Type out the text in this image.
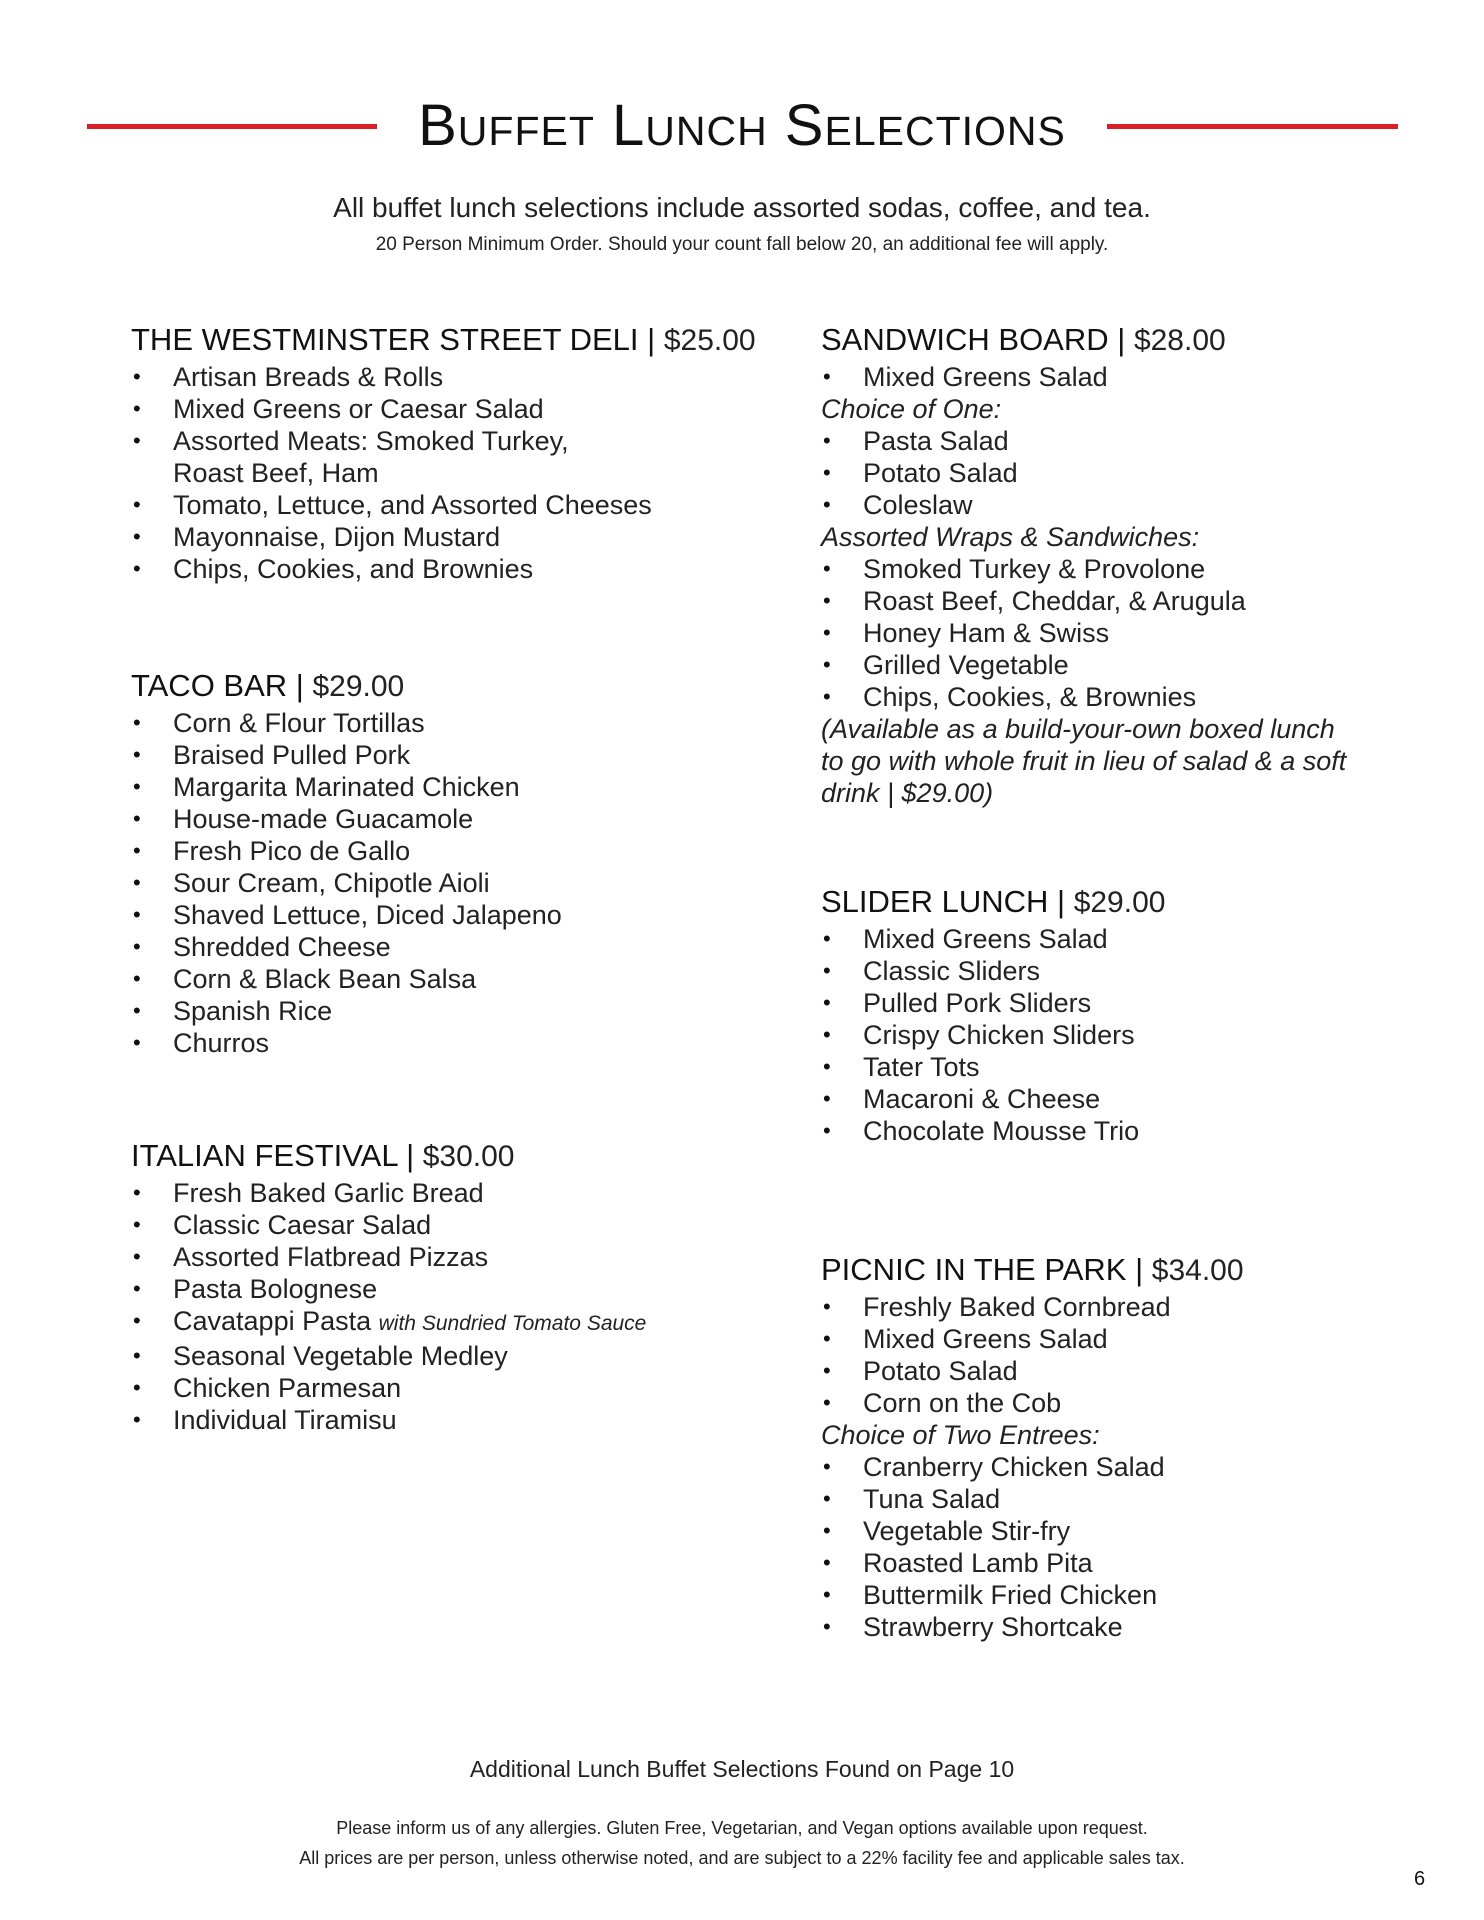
Buffet Lunch Selections
All buffet lunch selections include assorted sodas, coffee, and tea.
20 Person Minimum Order. Should your count fall below 20, an additional fee will apply.
THE WESTMINSTER STREET DELI | $25.00
• Artisan Breads & Rolls
• Mixed Greens or Caesar Salad
• Assorted Meats: Smoked Turkey, Roast Beef, Ham
• Tomato, Lettuce, and Assorted Cheeses
• Mayonnaise, Dijon Mustard
• Chips, Cookies, and Brownies
TACO BAR | $29.00
• Corn & Flour Tortillas
• Braised Pulled Pork
• Margarita Marinated Chicken
• House-made Guacamole
• Fresh Pico de Gallo
• Sour Cream, Chipotle Aioli
• Shaved Lettuce, Diced Jalapeno
• Shredded Cheese
• Corn & Black Bean Salsa
• Spanish Rice
• Churros
ITALIAN FESTIVAL | $30.00
• Fresh Baked Garlic Bread
• Classic Caesar Salad
• Assorted Flatbread Pizzas
• Pasta Bolognese
• Cavatappi Pasta with Sundried Tomato Sauce
• Seasonal Vegetable Medley
• Chicken Parmesan
• Individual Tiramisu
SANDWICH BOARD | $28.00
• Mixed Greens Salad
Choice of One:
• Pasta Salad
• Potato Salad
• Coleslaw
Assorted Wraps & Sandwiches:
• Smoked Turkey & Provolone
• Roast Beef, Cheddar, & Arugula
• Honey Ham & Swiss
• Grilled Vegetable
• Chips, Cookies, & Brownies
(Available as a build-your-own boxed lunch to go with whole fruit in lieu of salad & a soft drink | $29.00)
SLIDER LUNCH | $29.00
• Mixed Greens Salad
• Classic Sliders
• Pulled Pork Sliders
• Crispy Chicken Sliders
• Tater Tots
• Macaroni & Cheese
• Chocolate Mousse Trio
PICNIC IN THE PARK | $34.00
• Freshly Baked Cornbread
• Mixed Greens Salad
• Potato Salad
• Corn on the Cob
Choice of Two Entrees:
• Cranberry Chicken Salad
• Tuna Salad
• Vegetable Stir-fry
• Roasted Lamb Pita
• Buttermilk Fried Chicken
• Strawberry Shortcake
Additional Lunch Buffet Selections Found on Page 10
Please inform us of any allergies. Gluten Free, Vegetarian, and Vegan options available upon request.
All prices are per person, unless otherwise noted, and are subject to a 22% facility fee and applicable sales tax.
6
